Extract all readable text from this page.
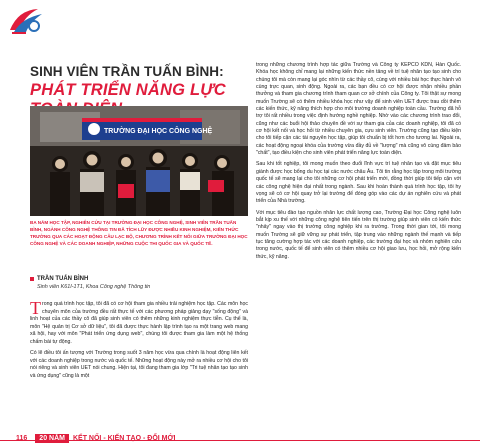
SINH VIÊN TRẦN TUẤN BÌNH:
PHÁT TRIỂN NĂNG LỰC
TRƯỜNG ĐẠI HỌC CÔNG NGHỆ
BA NĂM HỌC TẬP, NGHIÊN CỨU TẠI TRƯỜNG ĐẠI HỌC CÔNG NGHỆ, SINH VIÊN TRẦN TUẤN BÌNH, NGÀNH CÔNG NGHỆ THÔNG TIN ĐÃ TÍCH LŨY ĐƯỢC NHIỀU KINH NGHIỆM, KIẾN THỨC TRƯỜNG QUA CÁC HOẠT ĐỘNG CÂU LẠC BỘ, CHƯƠNG TRÌNH KẾT NỐI GIỮA TRƯỜNG ĐẠI HỌC CÔNG NGHỆ VÀ CÁC DOANH NGHIỆP, NHỮNG CUỘC THI QUỐC GIA VÀ QUỐC TẾ.
TRẦN TUẤN BÌNH
Sinh viên K61I-1T1, Khoa Công nghệ Thông tin

Trong quá trình học tập, tôi đã có cơ hội tham gia nhiều trải nghiệm học tập. Các môn học chuyên môn của trường đều rất thực tế với các phương pháp giảng dạy "sống động" và linh hoạt của các thầy cô đã giúp sinh viên có thêm những kinh nghiệm thực tiễn. Cụ thể là, môn "Hệ quản trị Cơ sở dữ liệu", tôi đã được thực hành lập trình tạo ra một trang web mang xã hội, hay với môn "Phát triển ứng dụng web", chúng tôi được tham gia làm một hệ thống chấm bài tự động.

Có lẽ điều tôi ấn tượng với Trường trong suốt 3 năm học vừa qua chính là hoạt động liên kết với các doanh nghiệp trong nước và quốc tế. Những hoạt động này mở ra nhiều cơ hội cho tôi nói riêng và sinh viên UET nói chung. Hiện tại, tôi đang tham gia lớp "Tri tuệ nhân tạo tạo sinh và ứng dụng" cũng là một

trong những chương trình hợp tác giữa Trường và Công ty KEPCO KDN, Hàn Quốc. Khóa học không chỉ mang lại những kiến thức nền tảng về trí tuệ nhân tạo tạo sinh cho chúng tôi mà còn mang lại góc nhìn từ các thầy cô, cùng với nhiều bài học thực hành vô cùng trực quan, sinh động. Ngoài ra, các bạn đều có cơ hội được nhận nhiều phần thưởng và tham gia chương trình tham quan cơ sở chính của Công ty. Tôi thật sự mong muốn Trường sẽ có thêm nhiều khóa học như vậy để sinh viên UET được trau dồi thêm các kiến thức, kỹ năng thích hợp cho môi trường doanh nghiệp toàn cầu. Trường đã hỗ trợ tôi rất nhiều trong việc định hướng nghề nghiệp. Nhờ vào các chương trình trao đổi, cũng như các buổi hội thảo chuyên đề với sự tham gia của các doanh nghiệp, tôi đã có cơ hội kết nối và học hỏi từ nhiều chuyên gia, cựu sinh viên. Trường cũng tạo điều kiện cho tôi tiếp cận các tài nguyên học tập, giúp tôi chuẩn bị tốt hơn cho tương lai. Ngoài ra, các hoạt động ngoại khóa của trường vừa đầy đủ về "lượng" mà cũng vô cùng đảm bảo "chất", tạo điều kiện cho sinh viên phát triển năng lực toàn diện.

Sau khi tốt nghiệp, tôi mong muốn theo đuổi lĩnh vực trí tuệ nhân tạo và đặt mục tiêu giành được học bổng du học tại các nước châu Âu. Tôi tin rằng học tập trong môi trường quốc tế sẽ mang lại cho tôi những cơ hội phát triển mới, đồng thời giúp tôi tiếp cận với các công nghệ hiện đại nhất trong ngành. Sau khi hoàn thành quá trình học tập, tôi hy vọng sẽ có cơ hội quay trở lại trường để đóng góp vào các dự án nghiên cứu và phát triển của Nhà trường.

Với mục tiêu đào tạo nguồn nhân lực chất lượng cao, Trường Đại học Công nghệ luôn bắt kịp xu thế với những công nghệ tiên tiến trên thị trường giúp sinh viên có kiến thức "nhảy" ngay vào thị trường công nghiệp khi ra trường. Trong thời gian tới, tôi mong muốn Trường sẽ giữ vững sự phát triển, tập trung vào những ngành thế mạnh và tiếp tục tăng cường hợp tác với các doanh nghiệp, các trường đại học và nhóm nghiên cứu trong nước, quốc tế để sinh viên có thêm nhiều cơ hội giao lưu, học hỏi, mở rộng kiến thức, kỹ năng.

116	20 NĂM	KẾT NỐI - KIẾN TẠO - ĐỔI MỚI
